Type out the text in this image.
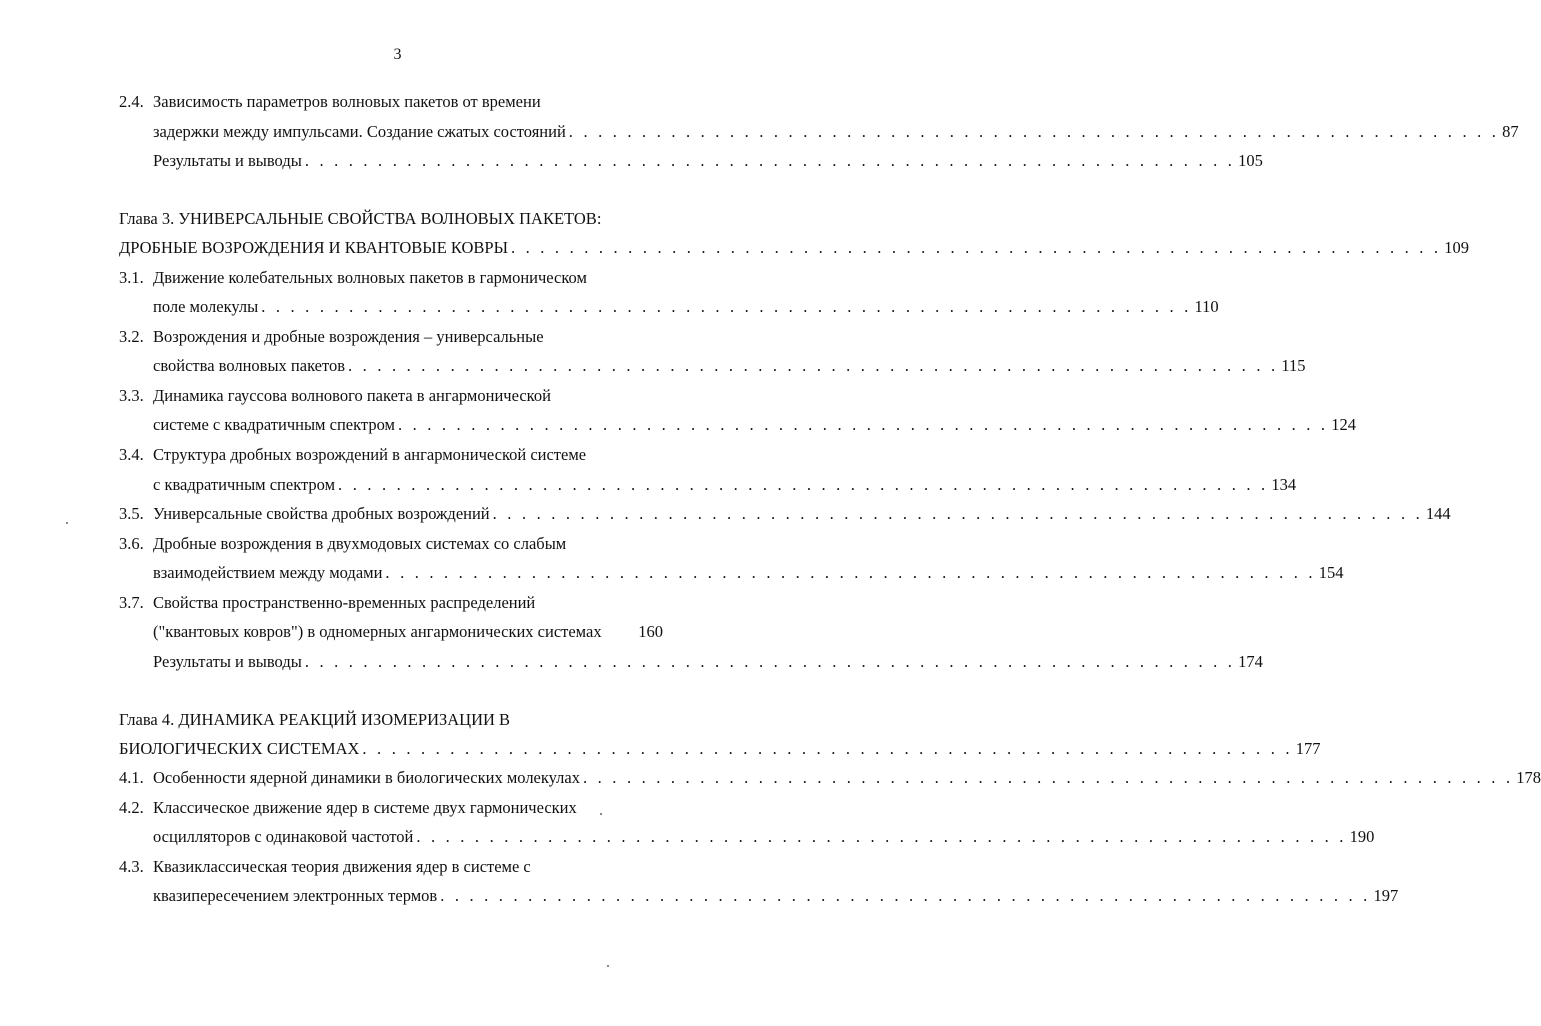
3
2.4. Зависимость параметров волновых пакетов от времени
задержки между импульсами. Создание сжатых состояний . . . . . . . . . . . . . . . . . . . . . . . . . . . . . . . . . . . . . . . . . . . . . . . . . . . . . . . . . . . . . . . . 87
Результаты и выводы . . . . . . . . . . . . . . . . . . . . . . . . . . . . . . . . . . . . . . . . . . . . . . . . . . . . . . . . . . . . . . . . 105
Глава 3. УНИВЕРСАЛЬНЫЕ СВОЙСТВА ВОЛНОВЫХ ПАКЕТОВ:
ДРОБНЫЕ ВОЗРОЖДЕНИЯ И КВАНТОВЫЕ КОВРЫ . . . . . . . . . . . . . . . . . . . . . . . . . . . . . . . . . . . . . . . . . . . . . . . . . . . . . . . . . . . . . . . . 109
3.1. Движение колебательных волновых пакетов в гармоническом
поле молекулы . . . . . . . . . . . . . . . . . . . . . . . . . . . . . . . . . . . . . . . . . . . . . . . . . . . . . . . . . . . . . . . . 110
3.2. Возрождения и дробные возрождения – универсальные
свойства волновых пакетов . . . . . . . . . . . . . . . . . . . . . . . . . . . . . . . . . . . . . . . . . . . . . . . . . . . . . . . . . . . . . . . . 115
3.3. Динамика гауссова волнового пакета в ангармонической
системе с квадратичным спектром . . . . . . . . . . . . . . . . . . . . . . . . . . . . . . . . . . . . . . . . . . . . . . . . . . . . . . . . . . . . . . . . 124
3.4. Структура дробных возрождений в ангармонической системе
с квадратичным спектром . . . . . . . . . . . . . . . . . . . . . . . . . . . . . . . . . . . . . . . . . . . . . . . . . . . . . . . . . . . . . . . . 134
3.5. Универсальные свойства дробных возрождений . . . . . . . . . . . . . . . . . . . . . . . . . . . . . . . . . . . . . . . . . . . . . . . . . . . . . . . . . . . . . . . . 144
3.6. Дробные возрождения в двухмодовых системах со слабым
взаимодействием между модами . . . . . . . . . . . . . . . . . . . . . . . . . . . . . . . . . . . . . . . . . . . . . . . . . . . . . . . . . . . . . . . . 154
3.7. Свойства пространственно-временных распределений
("квантовых ковров") в одномерных ангармонических системах 160
Результаты и выводы . . . . . . . . . . . . . . . . . . . . . . . . . . . . . . . . . . . . . . . . . . . . . . . . . . . . . . . . . . . . . . . . 174
Глава 4. ДИНАМИКА РЕАКЦИЙ ИЗОМЕРИЗАЦИИ В
БИОЛОГИЧЕСКИХ СИСТЕМАХ . . . . . . . . . . . . . . . . . . . . . . . . . . . . . . . . . . . . . . . . . . . . . . . . . . . . . . . . . . . . . . . . 177
4.1. Особенности ядерной динамики в биологических молекулах . . . . . . . . . . . . . . . . . . . . . . . . . . . . . . . . . . . . . . . . . . . . . . . . . . . . . . . . . . . . . . . . 178
4.2. Классическое движение ядер в системе двух гармонических
осцилляторов с одинаковой частотой . . . . . . . . . . . . . . . . . . . . . . . . . . . . . . . . . . . . . . . . . . . . . . . . . . . . . . . . . . . . . . . . 190
4.3. Квазиклассическая теория движения ядер в системе с
квазипересечением электронных термов . . . . . . . . . . . . . . . . . . . . . . . . . . . . . . . . . . . . . . . . . . . . . . . . . . . . . . . . . . . . . . . . 197
